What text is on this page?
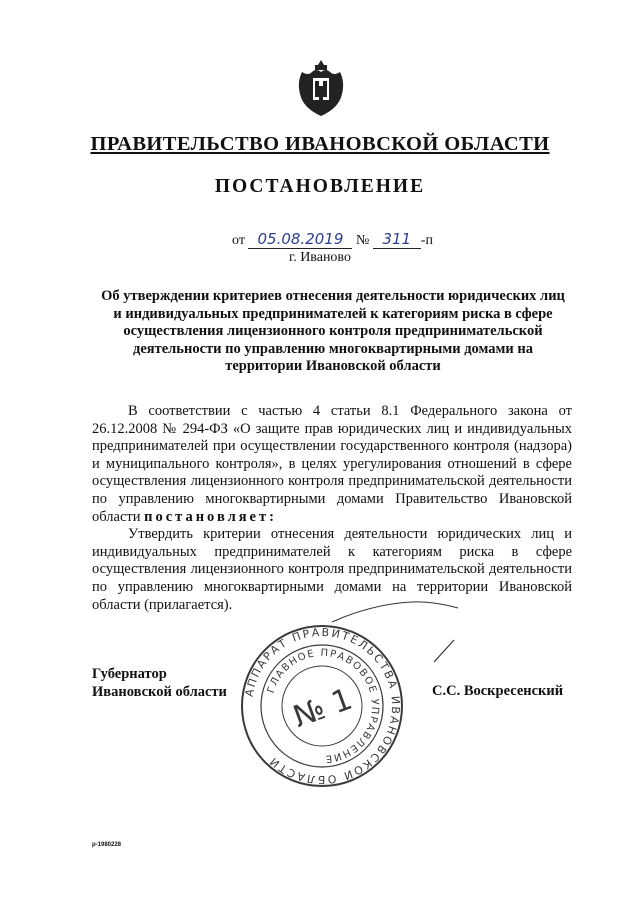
ПРАВИТЕЛЬСТВО ИВАНОВСКОЙ ОБЛАСТИ
ПОСТАНОВЛЕНИЕ
от 05.08.2019 № 311 -п
г. Иваново
Об утверждении критериев отнесения деятельности юридических лиц и индивидуальных предпринимателей к категориям риска в сфере осуществления лицензионного контроля предпринимательской деятельности по управлению многоквартирными домами на территории Ивановской области

В соответствии с частью 4 статьи 8.1 Федерального закона от 26.12.2008 № 294-ФЗ «О защите прав юридических лиц и индивидуальных предпринимателей при осуществлении государственного контроля (надзора) и муниципального контроля», в целях урегулирования отношений в сфере осуществления лицензионного контроля предпринимательской деятельности по управлению многоквартирными домами Правительство Ивановской области постановляет:

Утвердить критерии отнесения деятельности юридических лиц и индивидуальных предпринимателей к категориям риска в сфере осуществления лицензионного контроля предпринимательской деятельности по управлению многоквартирными домами на территории Ивановской области (прилагается).

АППАРАТ ПРАВИТЕЛЬСТВА ИВАНОВСКОЙ ОБЛАСТИ
ГЛАВНОЕ ПРАВОВОЕ УПРАВЛЕНИЕ
№ 1
Губернатор
Ивановской области	С.С. Воскресенский
р-1980228
